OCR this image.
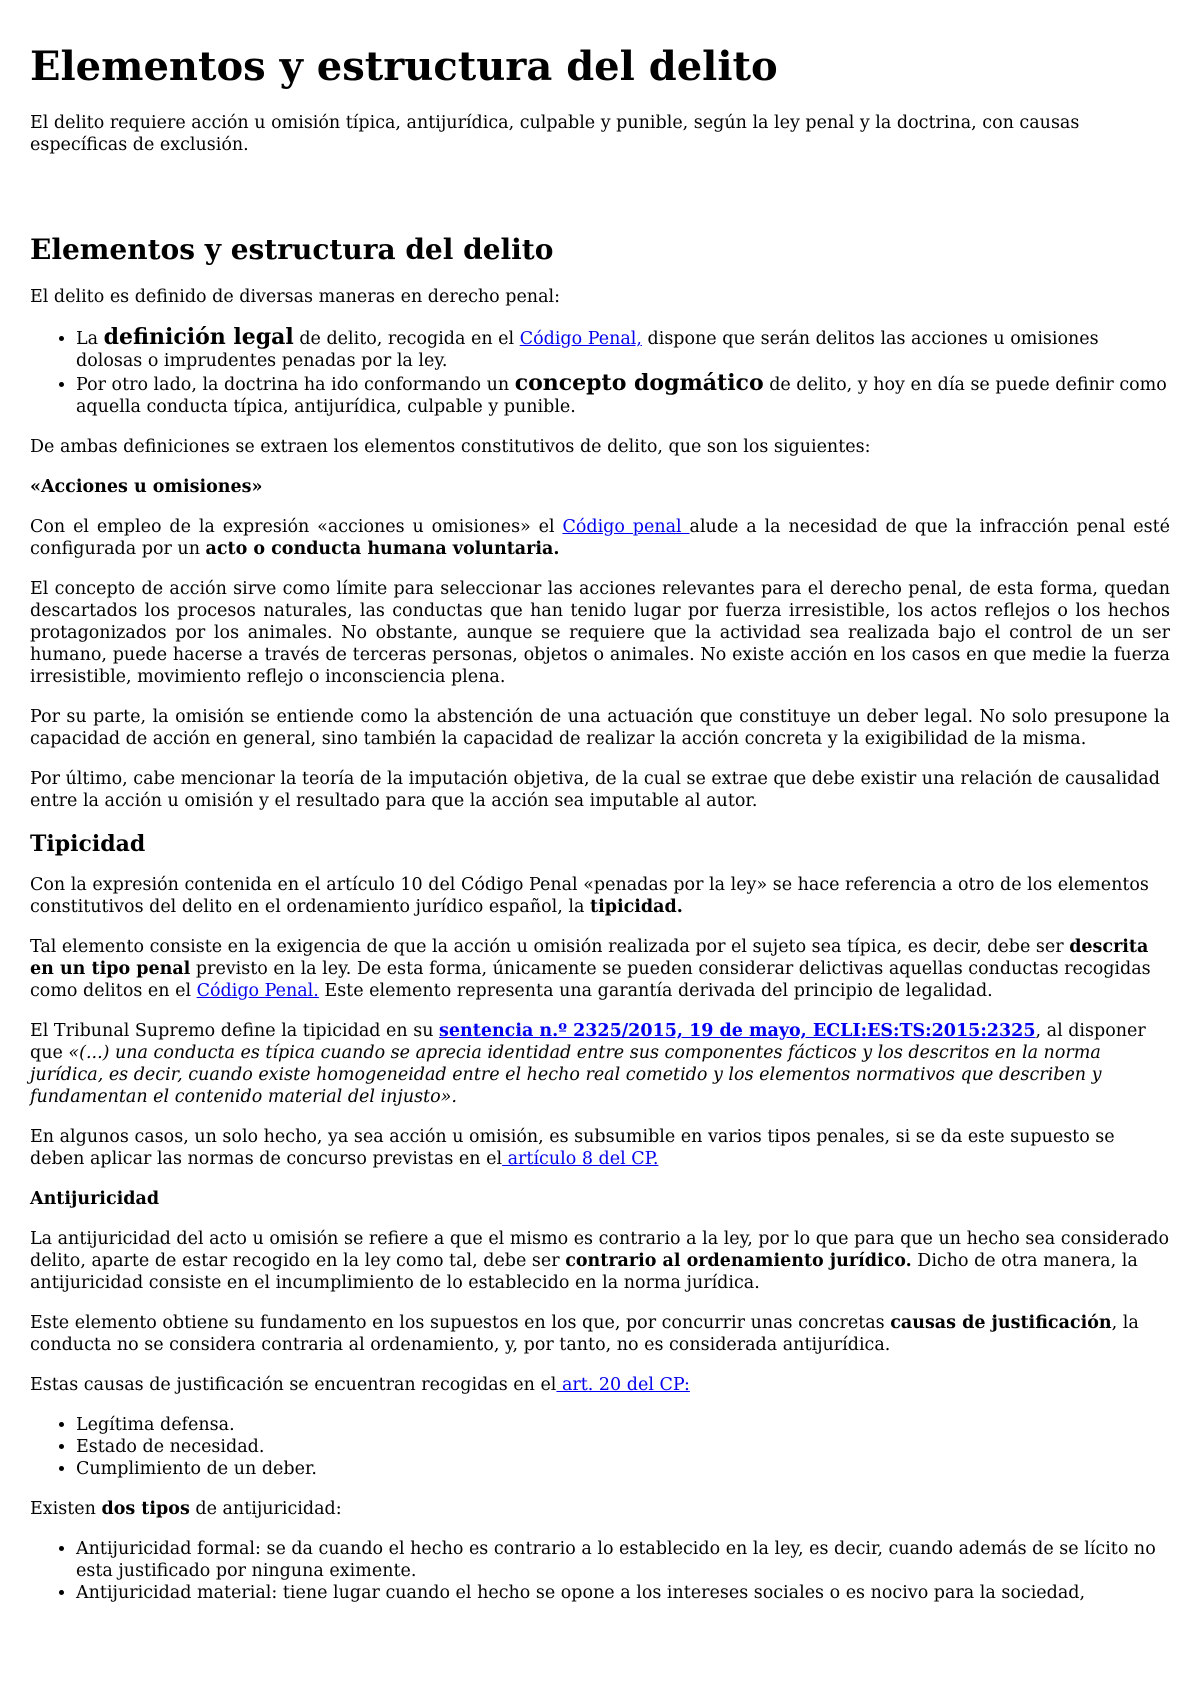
Elementos y estructura del delito

El delito requiere acción u omisión típica, antijurídica, culpable y punible, según la ley penal y la doctrina, con causas específicas de exclusión.

Elementos y estructura del delito

El delito es definido de diversas maneras en derecho penal:

• La definición legal de delito, recogida en el Código Penal, dispone que serán delitos las acciones u omisiones dolosas o imprudentes penadas por la ley.
• Por otro lado, la doctrina ha ido conformando un concepto dogmático de delito, y hoy en día se puede definir como aquella conducta típica, antijurídica, culpable y punible.

De ambas definiciones se extraen los elementos constitutivos de delito, que son los siguientes:

«Acciones u omisiones»

Con el empleo de la expresión «acciones u omisiones» el Código penal alude a la necesidad de que la infracción penal esté configurada por un acto o conducta humana voluntaria.

El concepto de acción sirve como límite para seleccionar las acciones relevantes para el derecho penal, de esta forma, quedan descartados los procesos naturales, las conductas que han tenido lugar por fuerza irresistible, los actos reflejos o los hechos protagonizados por los animales. No obstante, aunque se requiere que la actividad sea realizada bajo el control de un ser humano, puede hacerse a través de terceras personas, objetos o animales. No existe acción en los casos en que medie la fuerza irresistible, movimiento reflejo o inconsciencia plena.

Por su parte, la omisión se entiende como la abstención de una actuación que constituye un deber legal. No solo presupone la capacidad de acción en general, sino también la capacidad de realizar la acción concreta y la exigibilidad de la misma.

Por último, cabe mencionar la teoría de la imputación objetiva, de la cual se extrae que debe existir una relación de causalidad entre la acción u omisión y el resultado para que la acción sea imputable al autor.

Tipicidad

Con la expresión contenida en el artículo 10 del Código Penal «penadas por la ley» se hace referencia a otro de los elementos constitutivos del delito en el ordenamiento jurídico español, la tipicidad.

Tal elemento consiste en la exigencia de que la acción u omisión realizada por el sujeto sea típica, es decir, debe ser descrita en un tipo penal previsto en la ley. De esta forma, únicamente se pueden considerar delictivas aquellas conductas recogidas como delitos en el Código Penal. Este elemento representa una garantía derivada del principio de legalidad.

El Tribunal Supremo define la tipicidad en su sentencia n.º 2325/2015, 19 de mayo, ECLI:ES:TS:2015:2325, al disponer que «(...) una conducta es típica cuando se aprecia identidad entre sus componentes fácticos y los descritos en la norma jurídica, es decir, cuando existe homogeneidad entre el hecho real cometido y los elementos normativos que describen y fundamentan el contenido material del injusto».

En algunos casos, un solo hecho, ya sea acción u omisión, es subsumible en varios tipos penales, si se da este supuesto se deben aplicar las normas de concurso previstas en el artículo 8 del CP.

Antijuricidad

La antijuricidad del acto u omisión se refiere a que el mismo es contrario a la ley, por lo que para que un hecho sea considerado delito, aparte de estar recogido en la ley como tal, debe ser contrario al ordenamiento jurídico. Dicho de otra manera, la antijuricidad consiste en el incumplimiento de lo establecido en la norma jurídica.

Este elemento obtiene su fundamento en los supuestos en los que, por concurrir unas concretas causas de justificación, la conducta no se considera contraria al ordenamiento, y, por tanto, no es considerada antijurídica.

Estas causas de justificación se encuentran recogidas en el art. 20 del CP:

• Legítima defensa.
• Estado de necesidad.
• Cumplimiento de un deber.

Existen dos tipos de antijuricidad:

• Antijuricidad formal: se da cuando el hecho es contrario a lo establecido en la ley, es decir, cuando además de se lícito no esta justificado por ninguna eximente.
• Antijuricidad material: tiene lugar cuando el hecho se opone a los intereses sociales o es nocivo para la sociedad,
